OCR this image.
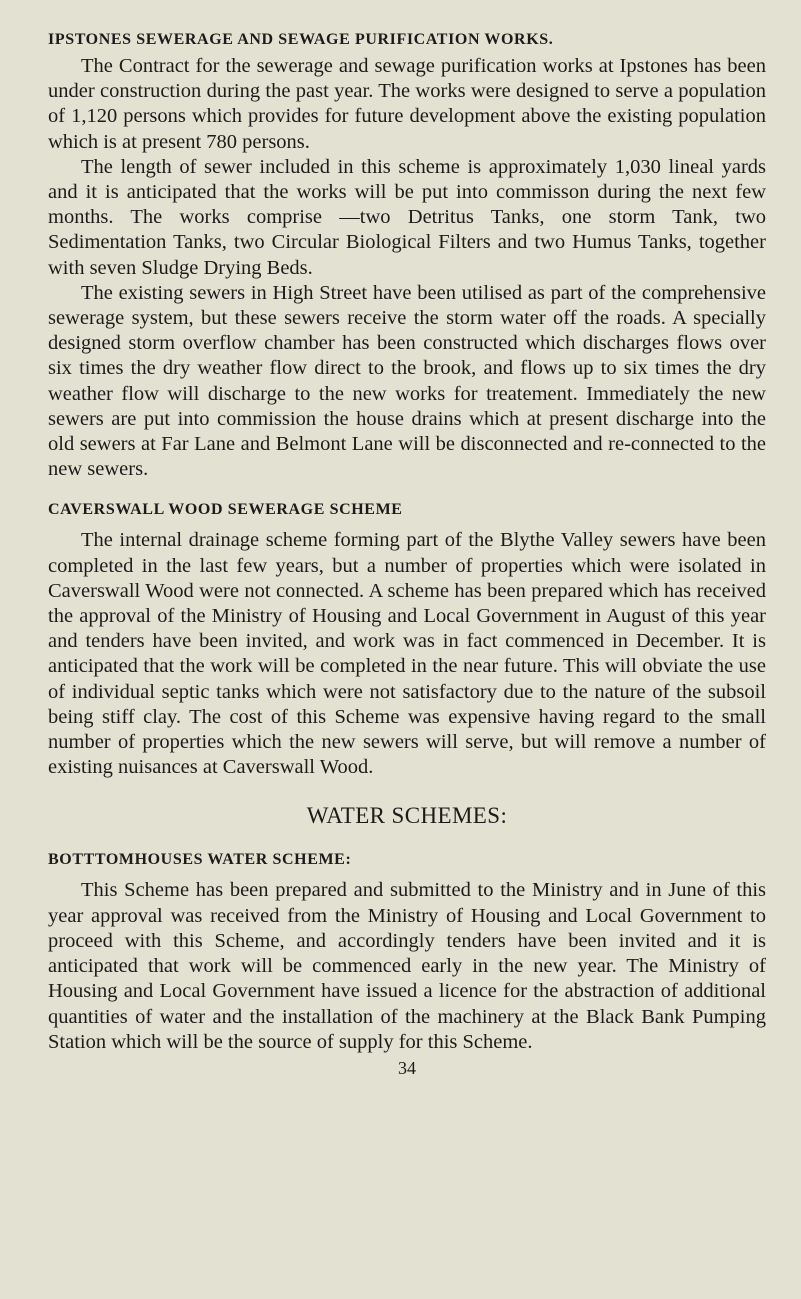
IPSTONES SEWERAGE AND SEWAGE PURIFICATION WORKS.

The Contract for the sewerage and sewage purification works at Ipstones has been under construction during the past year. The works were designed to serve a population of 1,120 persons which provides for future development above the existing population which is at present 780 persons.

The length of sewer included in this scheme is approximately 1,030 lineal yards and it is anticipated that the works will be put into commisson during the next few months. The works comprise —two Detritus Tanks, one storm Tank, two Sedimentation Tanks, two Circular Biological Filters and two Humus Tanks, together with seven Sludge Drying Beds.

The existing sewers in High Street have been utilised as part of the comprehensive sewerage system, but these sewers receive the storm water off the roads. A specially designed storm overflow chamber has been constructed which discharges flows over six times the dry weather flow direct to the brook, and flows up to six times the dry weather flow will discharge to the new works for treatement. Immediately the new sewers are put into commission the house drains which at present discharge into the old sewers at Far Lane and Belmont Lane will be disconnected and re-connected to the new sewers.

CAVERSWALL WOOD SEWERAGE SCHEME

The internal drainage scheme forming part of the Blythe Valley sewers have been completed in the last few years, but a number of properties which were isolated in Caverswall Wood were not connected. A scheme has been prepared which has received the approval of the Ministry of Housing and Local Government in August of this year and tenders have been invited, and work was in fact commenced in December. It is anticipated that the work will be completed in the near future. This will obviate the use of individual septic tanks which were not satisfactory due to the nature of the subsoil being stiff clay. The cost of this Scheme was expensive having regard to the small number of properties which the new sewers will serve, but will remove a number of existing nuisances at Caverswall Wood.

WATER SCHEMES:
BOTTTOMHOUSES WATER SCHEME:

This Scheme has been prepared and submitted to the Ministry and in June of this year approval was received from the Ministry of Housing and Local Government to proceed with this Scheme, and accordingly tenders have been invited and it is anticipated that work will be commenced early in the new year. The Ministry of Housing and Local Government have issued a licence for the abstraction of additional quantities of water and the installation of the machinery at the Black Bank Pumping Station which will be the source of supply for this Scheme.

34
